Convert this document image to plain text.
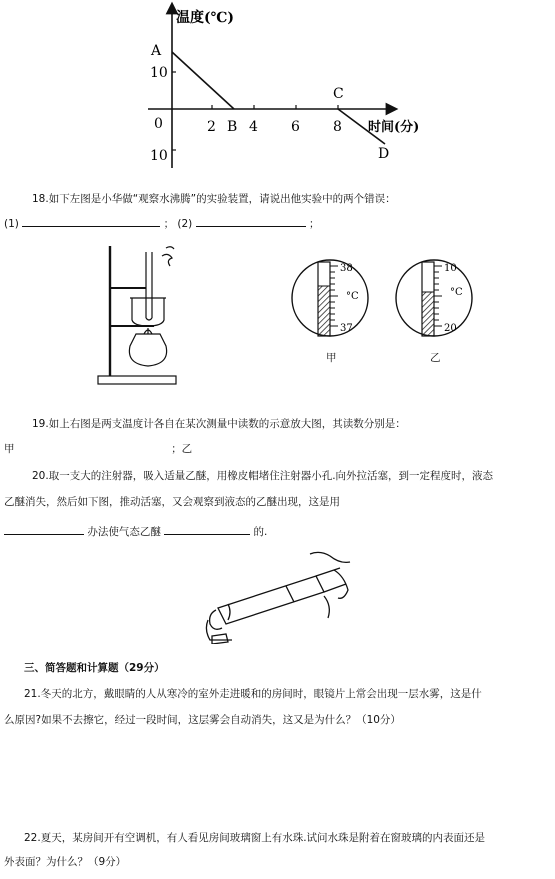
温度(℃)
时间(分)
A
10
0
10
2 B 4 6
C
8
D
18.如下左图是小华做“观察水沸腾”的实验装置，请说出他实验中的两个错误：
(1)	； (2)	；
38
°C
37
甲
10
°C
20
乙
19.如上右图是两支温度计各自在某次测量中读数的示意放大图，其读数分别是：
甲	；乙
20.取一支大的注射器，吸入适量乙醚，用橡皮帽堵住注射器小孔.向外拉活塞，到一定程度时，液态
乙醚消失，然后如下图，推动活塞，又会观察到液态的乙醚出现，这是用
办法使气态乙醚	的.
三、简答题和计算题（29分）
21.冬天的北方，戴眼睛的人从寒冷的室外走进暖和的房间时，眼镜片上常会出现一层水雾，这是什
么原因?如果不去擦它，经过一段时间，这层雾会自动消失，这又是为什么？（10分）
22.夏天，某房间开有空调机，有人看见房间玻璃窗上有水珠.试问水珠是附着在窗玻璃的内表面还是
外表面？为什么？（9分）
